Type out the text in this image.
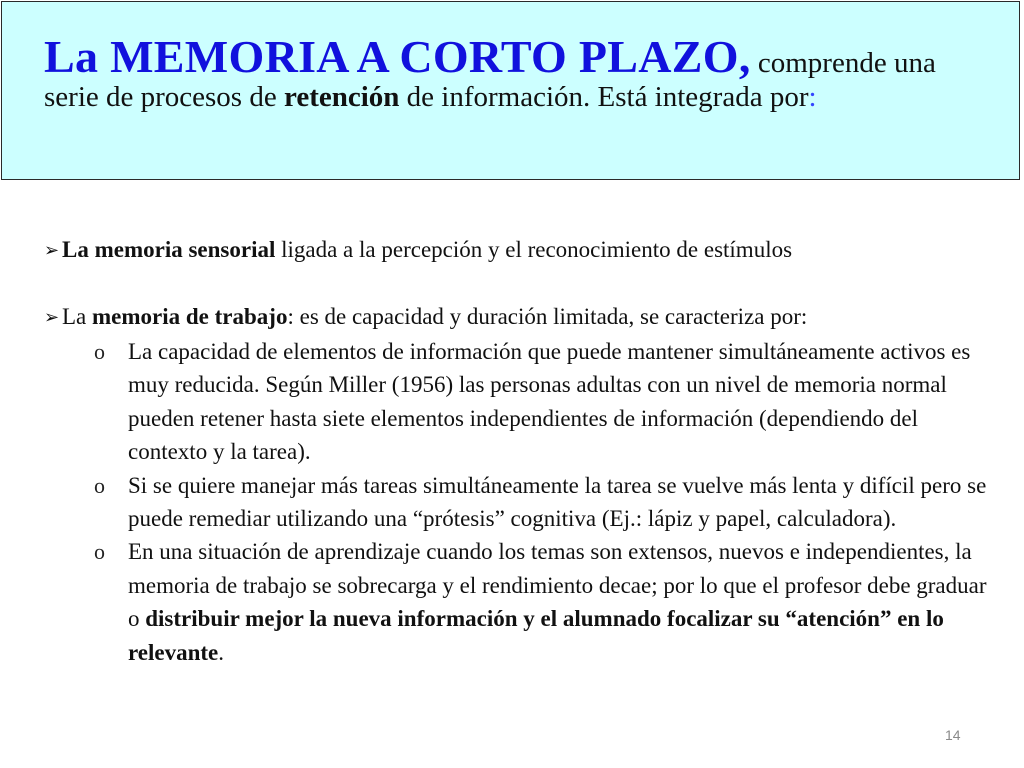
La MEMORIA A CORTO PLAZO, comprende una serie de procesos de retención de información. Está integrada por:
➢ La memoria sensorial ligada a la percepción y el reconocimiento de estímulos
➢ La memoria de trabajo: es de capacidad y duración limitada, se caracteriza por:
o La capacidad de elementos de información que puede mantener simultáneamente activos es muy reducida. Según Miller (1956) las personas adultas con un nivel de memoria normal pueden retener hasta siete elementos independientes de información (dependiendo del contexto y la tarea).
o Si se quiere manejar más tareas simultáneamente la tarea se vuelve más lenta y difícil pero se puede remediar utilizando una “prótesis” cognitiva (Ej.: lápiz y papel, calculadora).
o En una situación de aprendizaje cuando los temas son extensos, nuevos e independientes, la memoria de trabajo se sobrecarga y el rendimiento decae; por lo que el profesor debe graduar o distribuir mejor la nueva información y el alumnado focalizar su “atención” en lo relevante.
14
